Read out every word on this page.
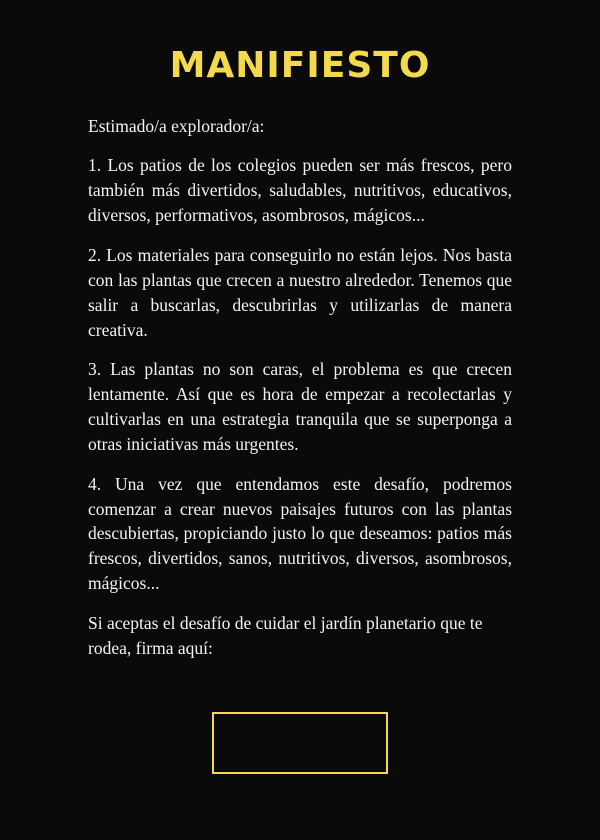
MANIFIESTO

Estimado/a explorador/a:

1. Los patios de los colegios pueden ser más frescos, pero también más divertidos, saludables, nutritivos, educativos, diversos, performativos, asombrosos, mágicos...

2. Los materiales para conseguirlo no están lejos. Nos basta con las plantas que crecen a nuestro alrededor. Tenemos que salir a buscarlas, descubrirlas y utilizarlas de manera creativa.

3. Las plantas no son caras, el problema es que crecen lentamente. Así que es hora de empezar a recolectarlas y cultivarlas en una estrategia tranquila que se superponga a otras iniciativas más urgentes.

4. Una vez que entendamos este desafío, podremos comenzar a crear nuevos paisajes futuros con las plantas descubiertas, propiciando justo lo que deseamos: patios más frescos, divertidos, sanos, nutritivos, diversos, asombrosos, mágicos...

Si aceptas el desafío de cuidar el jardín planetario que te rodea, firma aquí:
